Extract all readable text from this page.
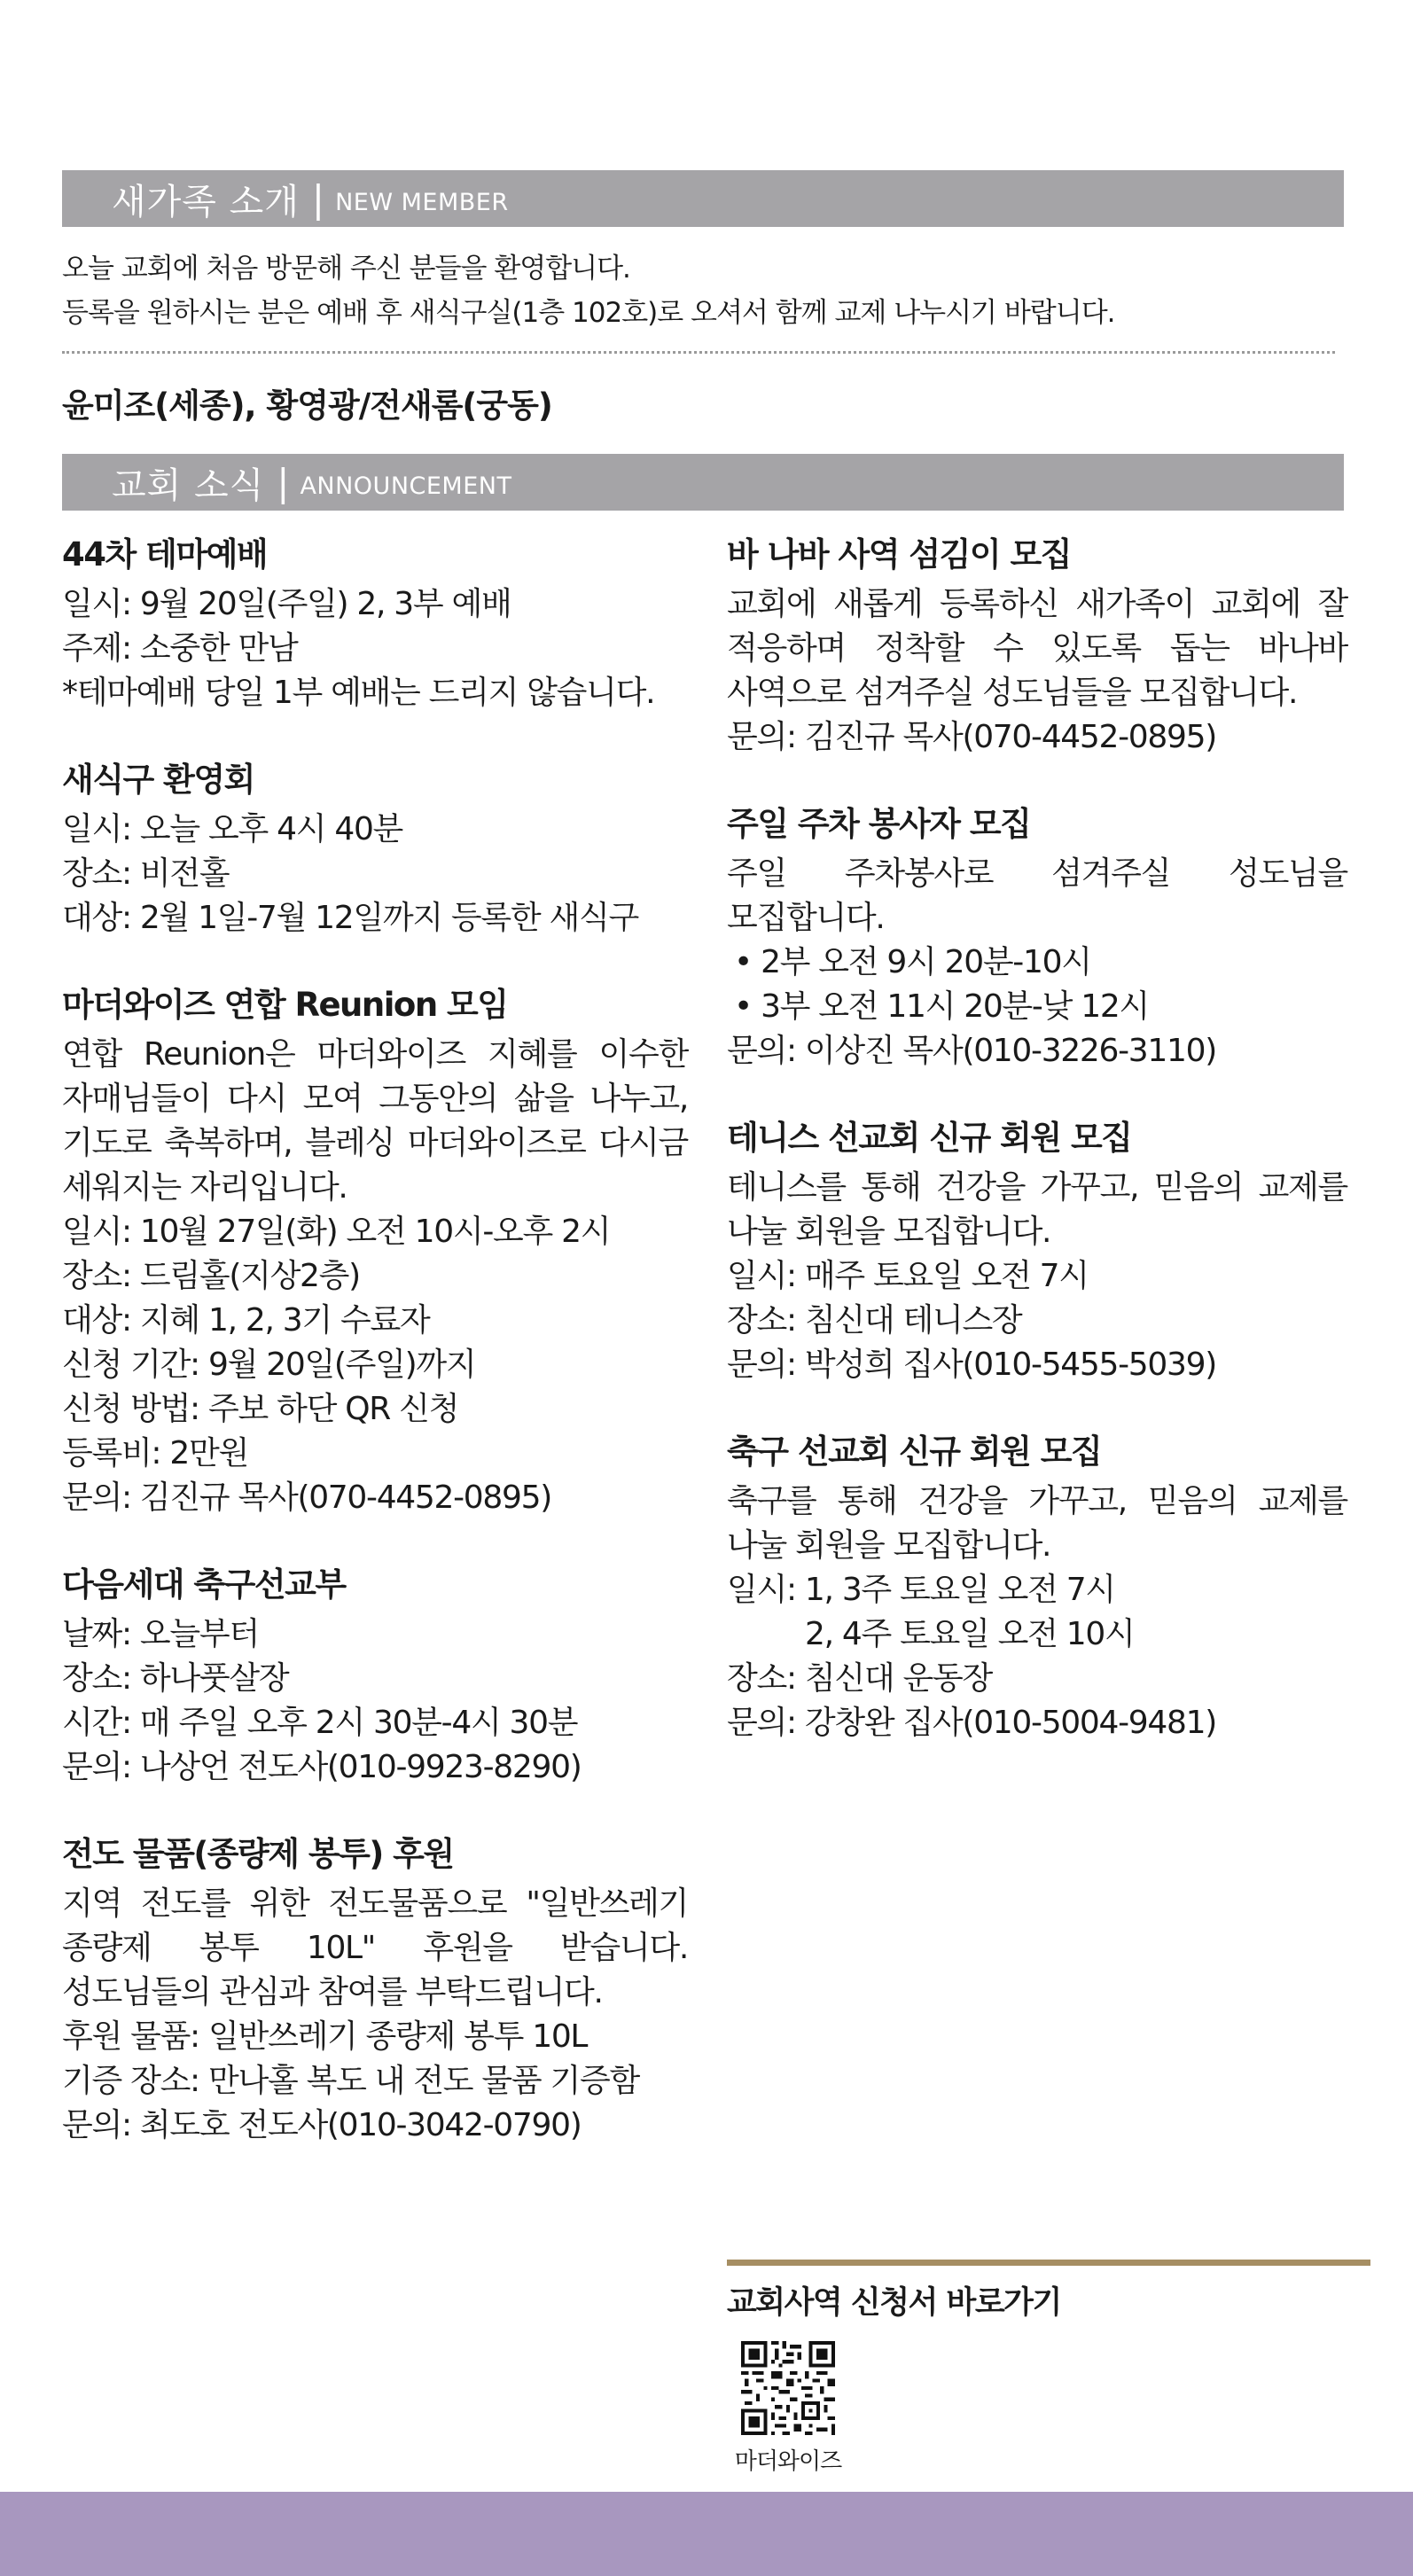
새가족 소개 | NEW MEMBER
오늘 교회에 처음 방문해 주신 분들을 환영합니다.
등록을 원하시는 분은 예배 후 새식구실(1층 102호)로 오셔서 함께 교제 나누시기 바랍니다.
윤미조(세종), 황영광/전새롬(궁동)
교회 소식 | ANNOUNCEMENT
44차 테마예배

일시: 9월 20일(주일) 2, 3부 예배

주제: 소중한 만남

*테마예배 당일 1부 예배는 드리지 않습니다.

새식구 환영회

일시: 오늘 오후 4시 40분

장소: 비전홀

대상: 2월 1일-7월 12일까지 등록한 새식구

마더와이즈 연합 Reunion 모임

연합 Reunion은 마더와이즈 지혜를 이수한 자매님들이 다시 모여 그동안의 삶을 나누고, 기도로 축복하며, 블레싱 마더와이즈로 다시금 세워지는 자리입니다.

일시: 10월 27일(화) 오전 10시-오후 2시

장소: 드림홀(지상2층)

대상: 지혜 1, 2, 3기 수료자

신청 기간: 9월 20일(주일)까지

신청 방법: 주보 하단 QR 신청

등록비: 2만원

문의: 김진규 목사(070-4452-0895)

다음세대 축구선교부

날짜: 오늘부터

장소: 하나풋살장

시간: 매 주일 오후 2시 30분-4시 30분

문의: 나상언 전도사(010-9923-8290)

전도 물품(종량제 봉투) 후원

지역 전도를 위한 전도물품으로 "일반쓰레기 종량제 봉투 10L" 후원을 받습니다. 성도님들의 관심과 참여를 부탁드립니다.

후원 물품: 일반쓰레기 종량제 봉투 10L

기증 장소: 만나홀 복도 내 전도 물품 기증함

문의: 최도호 전도사(010-3042-0790)

바 나바 사역 섬김이 모집

교회에 새롭게 등록하신 새가족이 교회에 잘 적응하며 정착할 수 있도록 돕는 바나바 사역으로 섬겨주실 성도님들을 모집합니다.

문의: 김진규 목사(070-4452-0895)

주일 주차 봉사자 모집

주일 주차봉사로 섬겨주실 성도님을 모집합니다.

• 2부 오전 9시 20분-10시

• 3부 오전 11시 20분-낮 12시

문의: 이상진 목사(010-3226-3110)

테니스 선교회 신규 회원 모집

테니스를 통해 건강을 가꾸고, 믿음의 교제를 나눌 회원을 모집합니다.

일시: 매주 토요일 오전 7시

장소: 침신대 테니스장

문의: 박성희 집사(010-5455-5039)

축구 선교회 신규 회원 모집

축구를 통해 건강을 가꾸고, 믿음의 교제를 나눌 회원을 모집합니다.

일시: 1, 3주 토요일 오전 7시

2, 4주 토요일 오전 10시

장소: 침신대 운동장

문의: 강창완 집사(010-5004-9481)

교회사역 신청서 바로가기
마더와이즈
